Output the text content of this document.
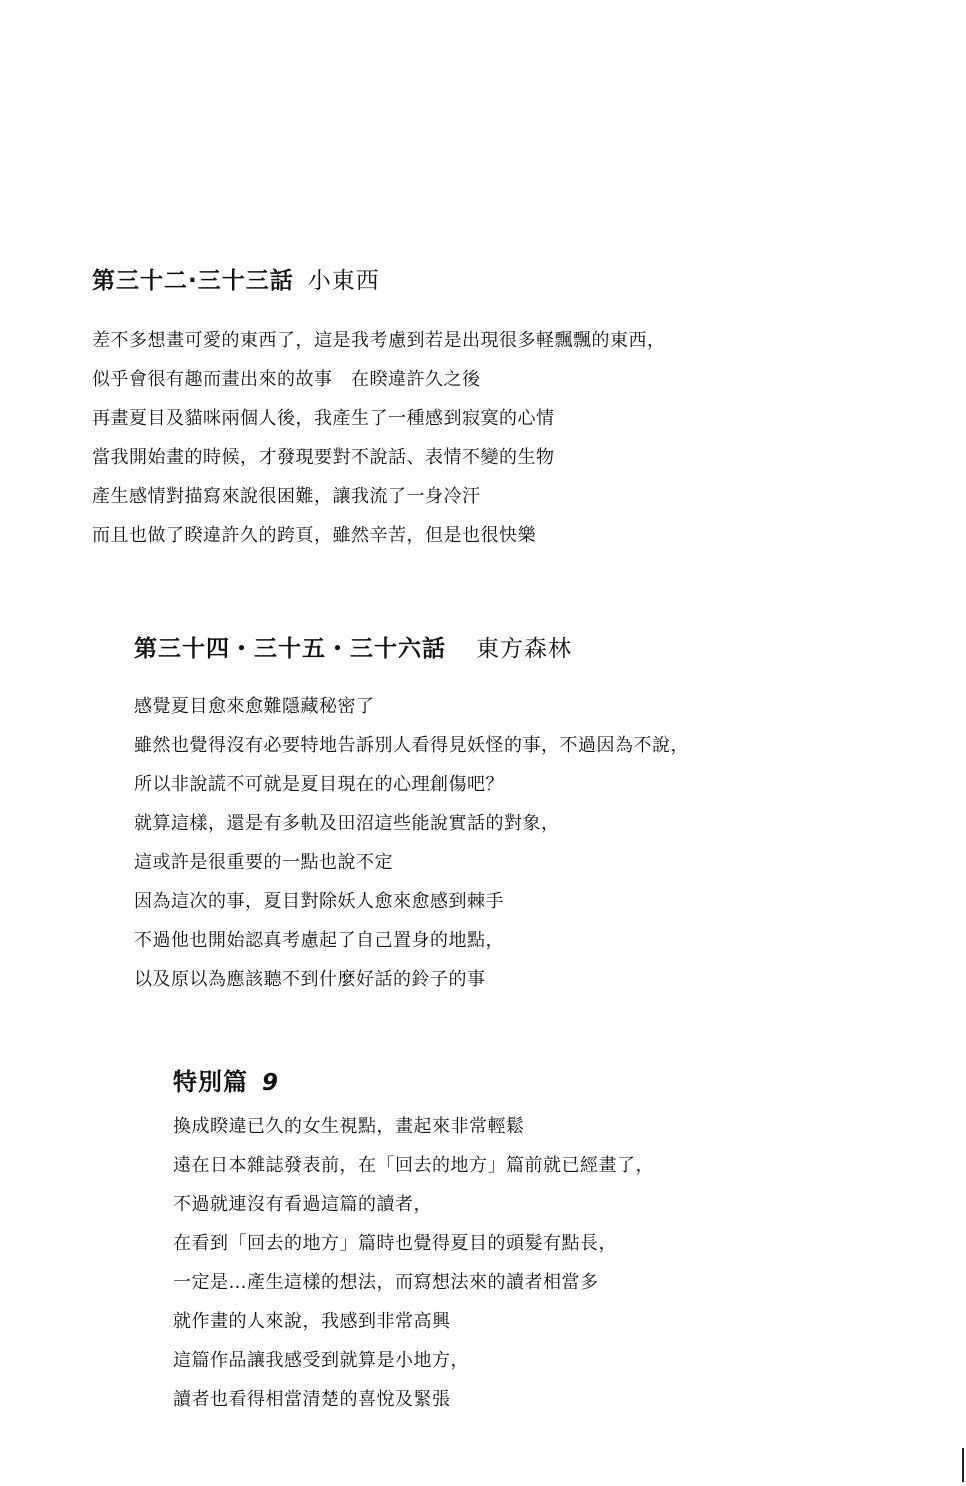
第三十二·三十三話 小東西
差不多想畫可愛的東西了，這是我考慮到若是出現很多軽飄飄的東西，
似乎會很有趣而畫出來的故事　在睽違許久之後
再畫夏目及貓咪兩個人後，我產生了一種感到寂寞的心情
當我開始畫的時候，才發現要對不說話、表情不變的生物
產生感情對描寫來說很困難，讓我流了一身冷汗
而且也做了睽違許久的跨頁，雖然辛苦，但是也很快樂
第三十四・三十五・三十六話 東方森林
感覺夏目愈來愈難隱藏秘密了
雖然也覺得沒有必要特地告訴別人看得見妖怪的事，不過因為不說，
所以非說謊不可就是夏目現在的心理創傷吧？
就算這樣，還是有多軌及田沼這些能說實話的對象，
這或許是很重要的一點也說不定
因為這次的事，夏目對除妖人愈來愈感到棘手
不過他也開始認真考慮起了自己置身的地點，
以及原以為應該聽不到什麼好話的鈴子的事
特別篇 9
換成睽違已久的女生視點，畫起來非常輕鬆
遠在日本雜誌發表前，在「回去的地方」篇前就已經畫了，
不過就連沒有看過這篇的讀者，
在看到「回去的地方」篇時也覺得夏目的頭髮有點長，
一定是…產生這樣的想法，而寫想法來的讀者相當多
就作畫的人來說，我感到非常高興
這篇作品讓我感受到就算是小地方，
讀者也看得相當清楚的喜悅及緊張
